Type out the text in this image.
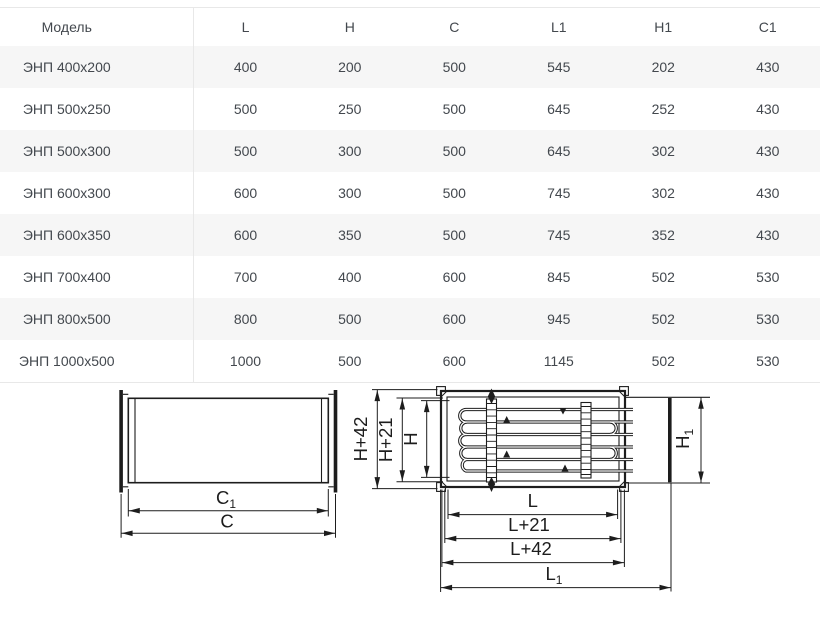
Модель	L	H	C	L1	H1	C1
ЭНП 400x200	400	200	500	545	202	430
ЭНП 500x250	500	250	500	645	252	430
ЭНП 500x300	500	300	500	645	302	430
ЭНП 600x300	600	300	500	745	302	430
ЭНП 600x350	600	350	500	745	352	430
ЭНП 700x400	700	400	600	845	502	530
ЭНП 800x500	800	500	600	945	502	530
ЭНП 1000x500	1000	500	600	1145	502	530
$C_1$
C
H+42 H+21 H	$H_1$
L
L+21
L+42
$L_1$
